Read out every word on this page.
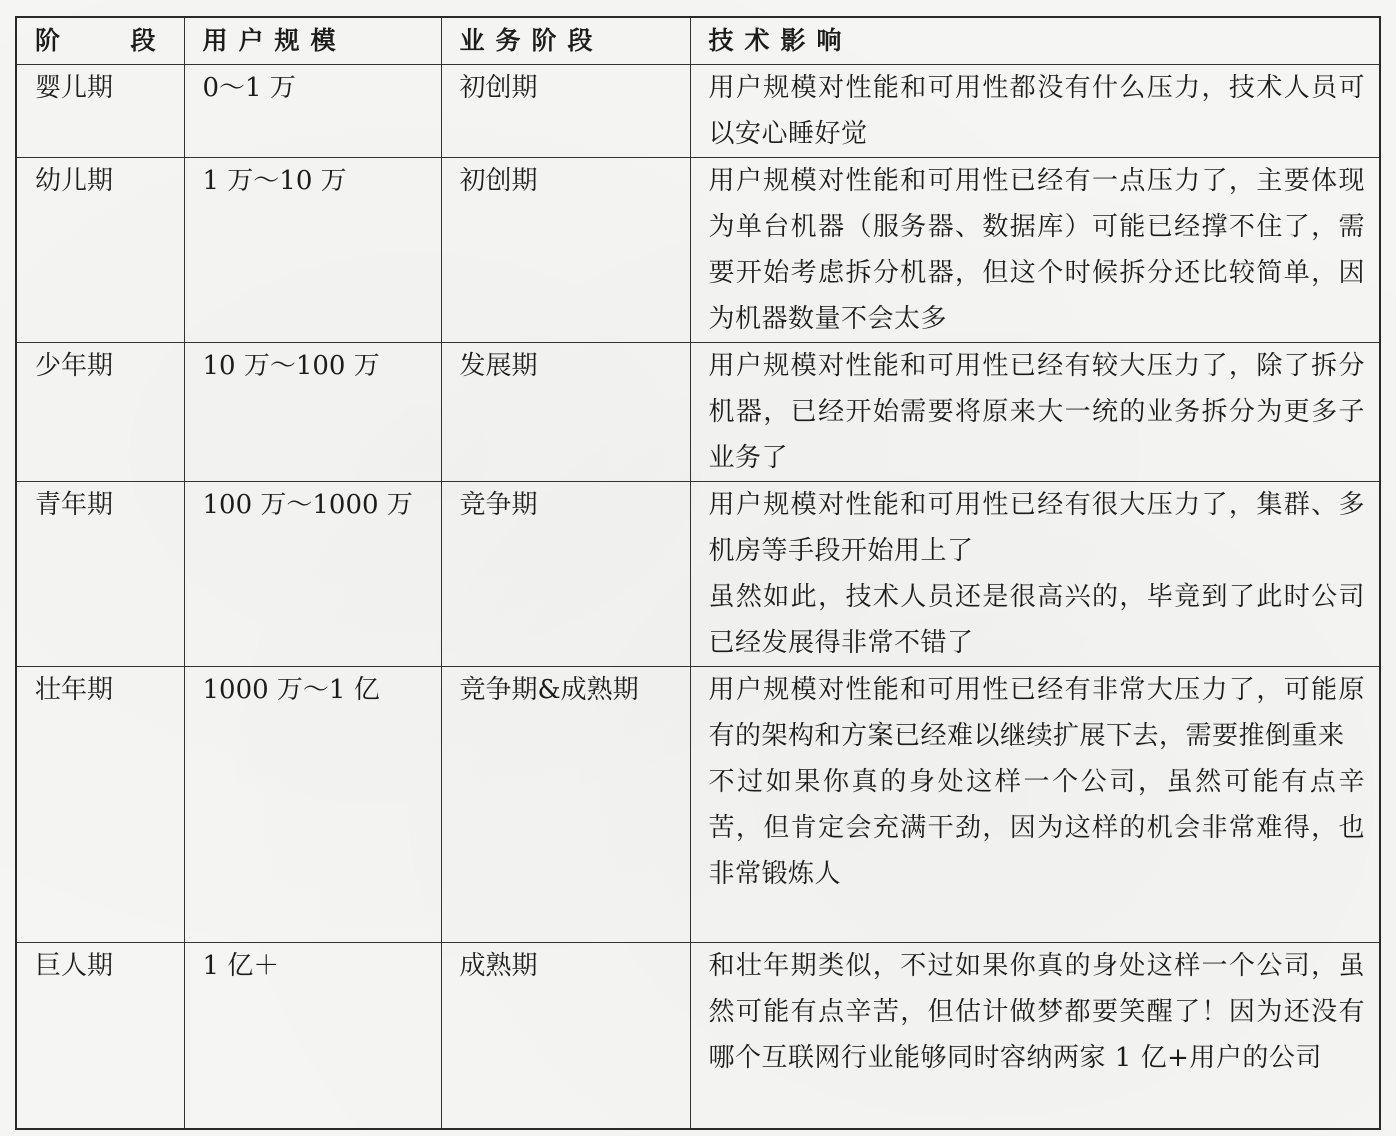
阶 段	用户规模	业务阶段	技术影响
婴儿期	0～1 万	初创期	用户规模对性能和可用性都没有什么压力，技术人员可以安心睡好觉

幼儿期	1 万～10 万	初创期	用户规模对性能和可用性已经有一点压力了，主要体现为单台机器（服务器、数据库）可能已经撑不住了，需要开始考虑拆分机器，但这个时候拆分还比较简单，因为机器数量不会太多

少年期	10 万～100 万	发展期	用户规模对性能和可用性已经有较大压力了，除了拆分机器，已经开始需要将原来大一统的业务拆分为更多子业务了

青年期	100 万～1000 万	竞争期	用户规模对性能和可用性已经有很大压力了，集群、多机房等手段开始用上了
虽然如此，技术人员还是很高兴的，毕竟到了此时公司已经发展得非常不错了

壮年期	1000 万～1 亿	竞争期&成熟期	用户规模对性能和可用性已经有非常大压力了，可能原有的架构和方案已经难以继续扩展下去，需要推倒重来
不过如果你真的身处这样一个公司，虽然可能有点辛苦，但肯定会充满干劲，因为这样的机会非常难得，也非常锻炼人

巨人期	1 亿＋	成熟期	和壮年期类似，不过如果你真的身处这样一个公司，虽然可能有点辛苦，但估计做梦都要笑醒了！因为还没有哪个互联网行业能够同时容纳两家 1 亿+用户的公司
